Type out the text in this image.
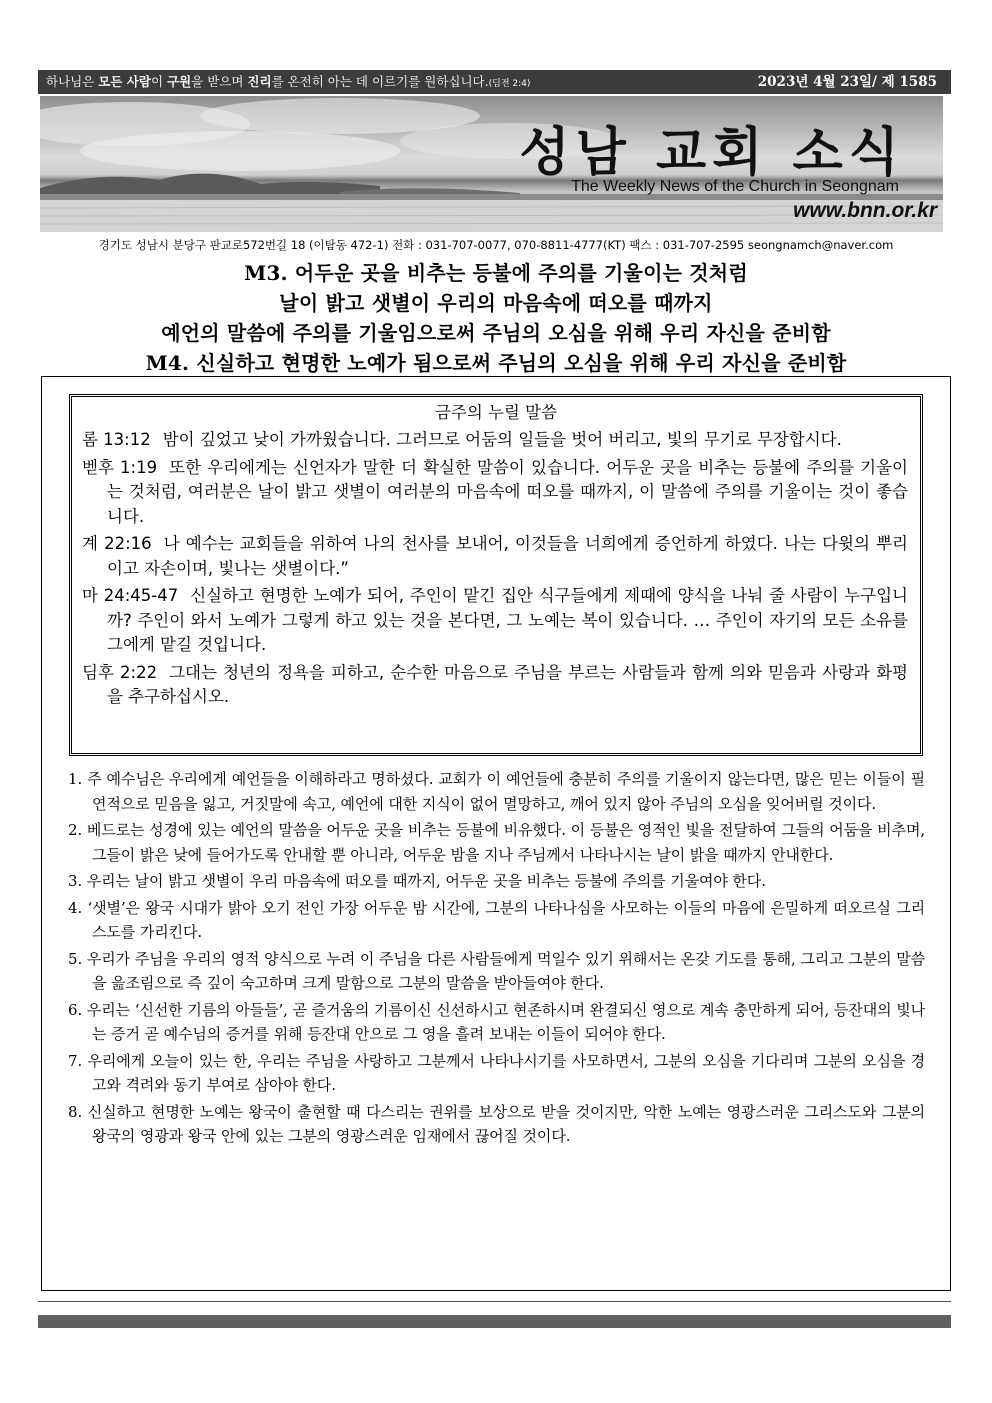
하나님은 모든 사람이 구원을 받으며 진리를 온전히 아는 데 이르기를 원하십니다.(딤전 2:4)	2023년 4월 23일/ 제 1585
성남 교회 소식
The Weekly News of the Church in Seongnam
www.bnn.or.kr
경기도 성남시 분당구 판교로572번길 18 (이탐동 472-1) 전화 : 031-707-0077, 070-8811-4777(KT) 팩스 : 031-707-2595 seongnamch@naver.com
M3. 어두운 곳을 비추는 등불에 주의를 기울이는 것처럼
날이 밝고 샛별이 우리의 마음속에 떠오를 때까지
예언의 말씀에 주의를 기울임으로써 주님의 오심을 위해 우리 자신을 준비함
M4. 신실하고 현명한 노예가 됨으로써 주님의 오심을 위해 우리 자신을 준비함
금주의 누릴 말씀
롬 13:12 밤이 깊었고 낮이 가까웠습니다. 그러므로 어둠의 일들을 벗어 버리고, 빛의 무기로 무장합시다.
벧후 1:19 또한 우리에게는 신언자가 말한 더 확실한 말씀이 있습니다. 어두운 곳을 비추는 등불에 주의를 기울이는 것처럼, 여러분은 날이 밝고 샛별이 여러분의 마음속에 떠오를 때까지, 이 말씀에 주의를 기울이는 것이 좋습니다.
계 22:16 나 예수는 교회들을 위하여 나의 천사를 보내어, 이것들을 너희에게 증언하게 하였다. 나는 다윗의 뿌리이고 자손이며, 빛나는 샛별이다.”
마 24:45-47 신실하고 현명한 노예가 되어, 주인이 맡긴 집안 식구들에게 제때에 양식을 나눠 줄 사람이 누구입니까? 주인이 와서 노예가 그렇게 하고 있는 것을 본다면, 그 노예는 복이 있습니다. … 주인이 자기의 모든 소유를 그에게 맡길 것입니다.
딤후 2:22 그대는 청년의 정욕을 피하고, 순수한 마음으로 주님을 부르는 사람들과 함께 의와 믿음과 사랑과 화평을 추구하십시오.
1. 주 예수님은 우리에게 예언들을 이해하라고 명하셨다. 교회가 이 예언들에 충분히 주의를 기울이지 않는다면, 많은 믿는 이들이 필연적으로 믿음을 잃고, 거짓말에 속고, 예언에 대한 지식이 없어 멸망하고, 깨어 있지 않아 주님의 오심을 잊어버릴 것이다.
2. 베드로는 성경에 있는 예언의 말씀을 어두운 곳을 비추는 등불에 비유했다. 이 등불은 영적인 빛을 전달하여 그들의 어둠을 비추며, 그들이 밝은 낮에 들어가도록 안내할 뿐 아니라, 어두운 밤을 지나 주님께서 나타나시는 날이 밝을 때까지 안내한다.
3. 우리는 날이 밝고 샛별이 우리 마음속에 떠오를 때까지, 어두운 곳을 비추는 등불에 주의를 기울여야 한다.
4. ‘샛별’은 왕국 시대가 밝아 오기 전인 가장 어두운 밤 시간에, 그분의 나타나심을 사모하는 이들의 마음에 은밀하게 떠오르실 그리스도를 가리킨다.
5. 우리가 주님을 우리의 영적 양식으로 누려 이 주님을 다른 사람들에게 먹일수 있기 위해서는 온갖 기도를 통해, 그리고 그분의 말씀을 읊조림으로 즉 깊이 숙고하며 크게 말함으로 그분의 말씀을 받아들여야 한다.
6. 우리는 ‘신선한 기름의 아들들’, 곧 즐거움의 기름이신 신선하시고 현존하시며 완결되신 영으로 계속 충만하게 되어, 등잔대의 빛나는 증거 곧 예수님의 증거를 위해 등잔대 안으로 그 영을 흘려 보내는 이들이 되어야 한다.
7. 우리에게 오늘이 있는 한, 우리는 주님을 사랑하고 그분께서 나타나시기를 사모하면서, 그분의 오심을 기다리며 그분의 오심을 경고와 격려와 동기 부여로 삼아야 한다.
8. 신실하고 현명한 노예는 왕국이 출현할 때 다스리는 권위를 보상으로 받을 것이지만, 악한 노예는 영광스러운 그리스도와 그분의 왕국의 영광과 왕국 안에 있는 그분의 영광스러운 임재에서 끊어질 것이다.
